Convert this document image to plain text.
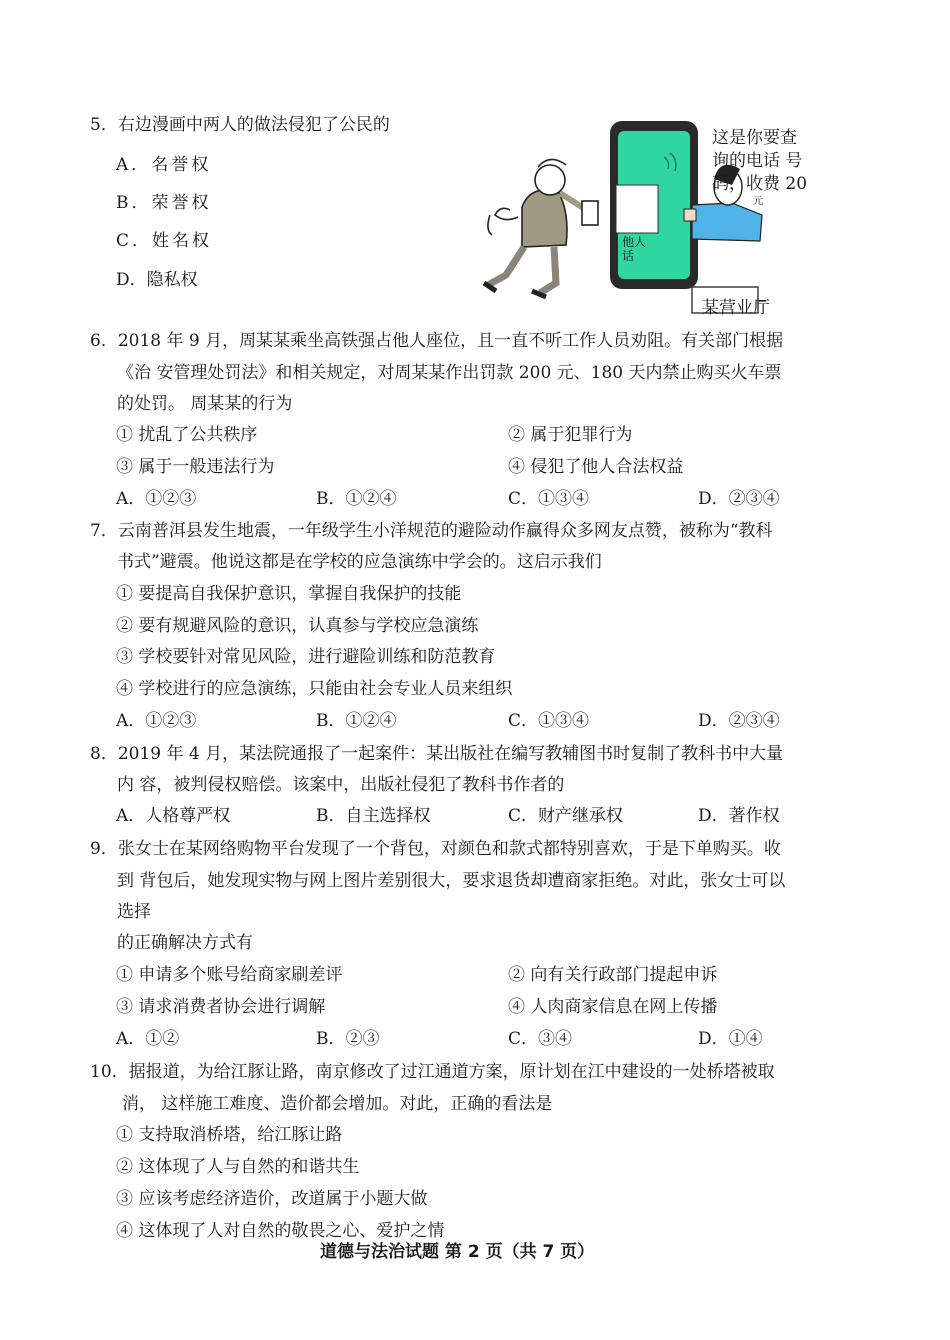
5．右边漫画中两人的做法侵犯了公民的
A．名誉权
B．荣誉权
C．姓名权
D．隐私权
这是你要查
询的电话 号
码，收费 20
元
他人话
某营业厅
6．2018 年 9 月，周某某乘坐高铁强占他人座位，且一直不听工作人员劝阻。有关部门根据
《治 安管理处罚法》和相关规定，对周某某作出罚款 200 元、180 天内禁止购买火车票
的处罚。 周某某的行为
① 扰乱了公共秩序	② 属于犯罪行为
③ 属于一般违法行为	④ 侵犯了他人合法权益
A．①②③	B．①②④	C．①③④	D．②③④
7．云南普洱县发生地震，一年级学生小洋规范的避险动作赢得众多网友点赞，被称为“教科
书式”避震。他说这都是在学校的应急演练中学会的。这启示我们
① 要提高自我保护意识，掌握自我保护的技能
② 要有规避风险的意识，认真参与学校应急演练
③ 学校要针对常见风险，进行避险训练和防范教育
④ 学校进行的应急演练，只能由社会专业人员来组织
A．①②③	B．①②④	C．①③④	D．②③④
8．2019 年 4 月，某法院通报了一起案件：某出版社在编写教辅图书时复制了教科书中大量
内 容，被判侵权赔偿。该案中，出版社侵犯了教科书作者的
A．人格尊严权	B．自主选择权	C．财产继承权	D．著作权
9．张女士在某网络购物平台发现了一个背包，对颜色和款式都特别喜欢，于是下单购买。收
到 背包后，她发现实物与网上图片差别很大，要求退货却遭商家拒绝。对此，张女士可以
选择
的正确解决方式有
① 申请多个账号给商家刷差评	② 向有关行政部门提起申诉
③ 请求消费者协会进行调解	④ 人肉商家信息在网上传播
A．①②	B．②③	C．③④	D．①④
10．据报道，为给江豚让路，南京修改了过江通道方案，原计划在江中建设的一处桥塔被取
消， 这样施工难度、造价都会增加。对此，正确的看法是
① 支持取消桥塔，给江豚让路
② 这体现了人与自然的和谐共生
③ 应该考虑经济造价，改道属于小题大做
④ 这体现了人对自然的敬畏之心、爱护之情
道德与法治试题 第 2 页（共 7 页）
